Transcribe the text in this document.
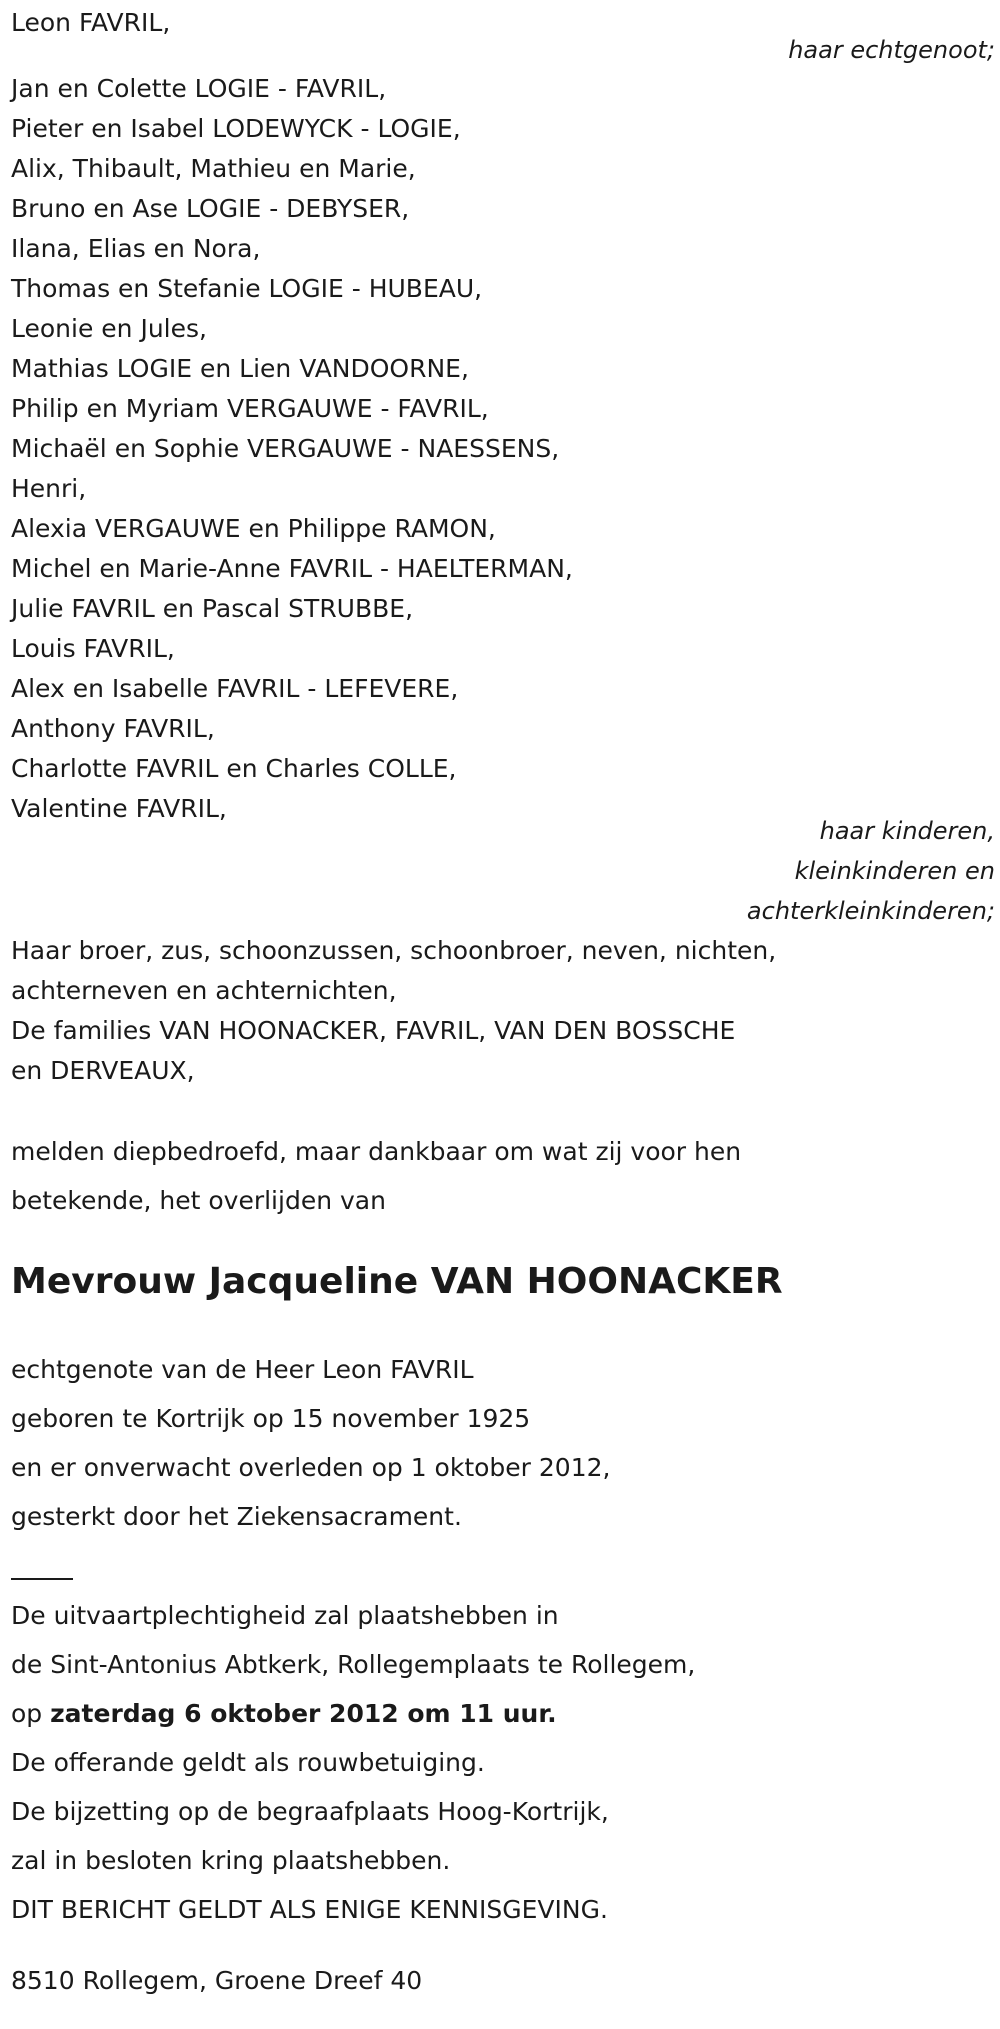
Leon FAVRIL,
haar echtgenoot;
Jan en Colette LOGIE - FAVRIL,
Pieter en Isabel LODEWYCK - LOGIE,
Alix, Thibault, Mathieu en Marie,
Bruno en Ase LOGIE - DEBYSER,
Ilana, Elias en Nora,
Thomas en Stefanie LOGIE - HUBEAU,
Leonie en Jules,
Mathias LOGIE en Lien VANDOORNE,
Philip en Myriam VERGAUWE - FAVRIL,
Michaël en Sophie VERGAUWE - NAESSENS,
Henri,
Alexia VERGAUWE en Philippe RAMON,
Michel en Marie-Anne FAVRIL - HAELTERMAN,
Julie FAVRIL en Pascal STRUBBE,
Louis FAVRIL,
Alex en Isabelle FAVRIL - LEFEVERE,
Anthony FAVRIL,
Charlotte FAVRIL en Charles COLLE,
Valentine FAVRIL,
haar kinderen,
kleinkinderen en
achterkleinkinderen;
Haar broer, zus, schoonzussen, schoonbroer, neven, nichten,
achterneven en achternichten,
De families VAN HOONACKER, FAVRIL, VAN DEN BOSSCHE
en DERVEAUX,
melden diepbedroefd, maar dankbaar om wat zij voor hen
betekende, het overlijden van
Mevrouw Jacqueline VAN HOONACKER
echtgenote van de Heer Leon FAVRIL
geboren te Kortrijk op 15 november 1925
en er onverwacht overleden op 1 oktober 2012,
gesterkt door het Ziekensacrament.
De uitvaartplechtigheid zal plaatshebben in
de Sint-Antonius Abtkerk, Rollegemplaats te Rollegem,
op zaterdag 6 oktober 2012 om 11 uur.
De offerande geldt als rouwbetuiging.
De bijzetting op de begraafplaats Hoog-Kortrijk,
zal in besloten kring plaatshebben.
DIT BERICHT GELDT ALS ENIGE KENNISGEVING.
8510 Rollegem, Groene Dreef 40
